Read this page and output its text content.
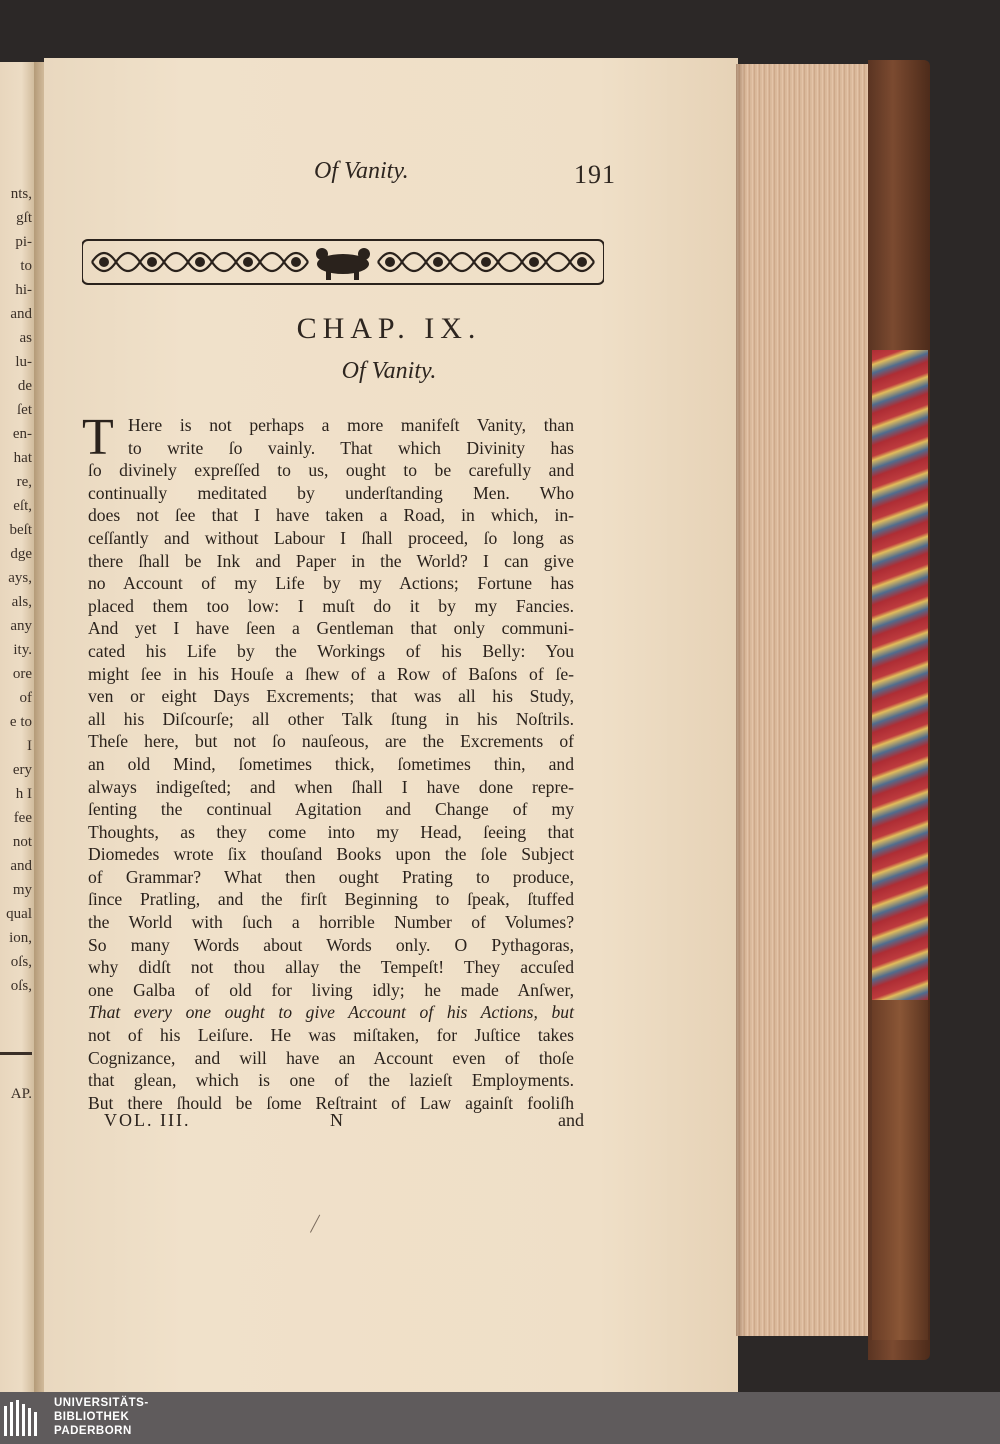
nts,
gſt
pi-
to
hi-
and
as
lu-
de
ſet
en-
hat
re,
eſt,
beſt
dge
ays,
als,
any
ity.
ore
of
e to
I
ery
h I
fee
not
and
my
qual
ion,
oſs,
oſs,
AP.
Of Vanity.	191
CHAP. IX.
Of Vanity.
T Here is not perhaps a more manifeſt Vanity, than
to write ſo vainly. That which Divinity has
ſo divinely expreſſed to us, ought to be carefully and
continually meditated by underſtanding Men. Who
does not ſee that I have taken a Road, in which, in-
ceſſantly and without Labour I ſhall proceed, ſo long as
there ſhall be Ink and Paper in the World? I can give
no Account of my Life by my Actions; Fortune has
placed them too low: I muſt do it by my Fancies.
And yet I have ſeen a Gentleman that only communi-
cated his Life by the Workings of his Belly: You
might ſee in his Houſe a ſhew of a Row of Baſons of ſe-
ven or eight Days Excrements; that was all his Study,
all his Diſcourſe; all other Talk ſtung in his Noſtrils.
Theſe here, but not ſo nauſeous, are the Excrements of
an old Mind, ſometimes thick, ſometimes thin, and
always indigeſted; and when ſhall I have done repre-
ſenting the continual Agitation and Change of my
Thoughts, as they come into my Head, ſeeing that
Diomedes wrote ſix thouſand Books upon the ſole Subject
of Grammar? What then ought Prating to produce,
ſince Pratling, and the firſt Beginning to ſpeak, ſtuffed
the World with ſuch a horrible Number of Volumes?
So many Words about Words only. O Pythagoras,
why didſt not thou allay the Tempeſt! They accuſed
one Galba of old for living idly; he made Anſwer,
That every one ought to give Account of his Actions, but
not of his Leiſure. He was miſtaken, for Juſtice takes
Cognizance, and will have an Account even of thoſe
that glean, which is one of the lazieſt Employments.
But there ſhould be ſome Reſtraint of Law againſt fooliſh
VOL. III.	N	and
UNIVERSITÄTS-
BIBLIOTHEK
PADERBORN
